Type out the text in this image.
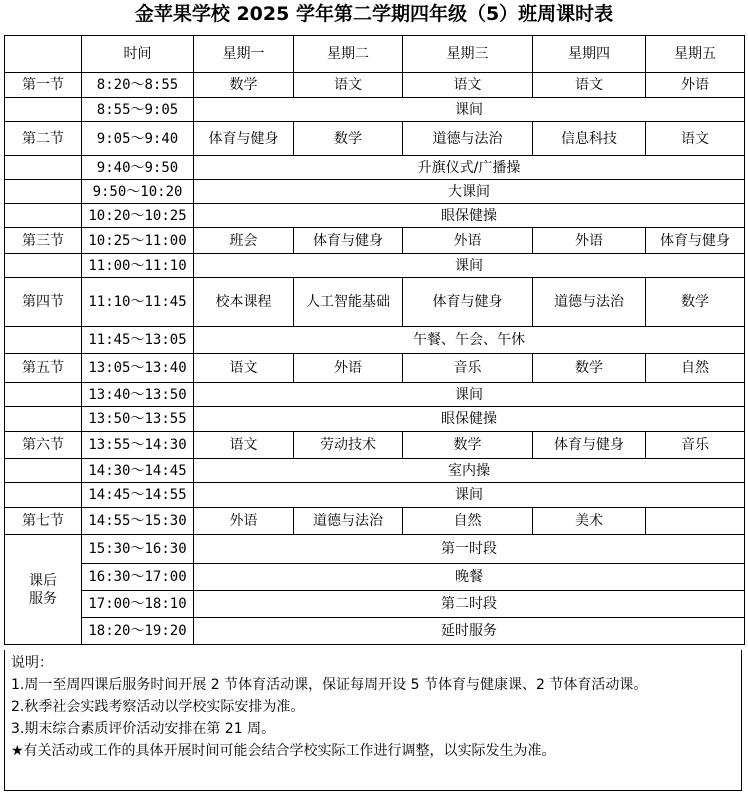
金苹果学校 2025 学年第二学期四年级（5）班周课时表
	时间	星期一	星期二	星期三	星期四	星期五
第一节	8:20～8:55	数学	语文	语文	语文	外语
	8:55～9:05	课间				
第二节	9:05～9:40	体育与健身	数学	道德与法治	信息科技	语文
	9:40～9:50	升旗仪式/广播操				
	9:50～10:20	大课间				
	10:20～10:25	眼保健操				
第三节	10:25～11:00	班会	体育与健身	外语	外语	体育与健身
	11:00～11:10	课间				
第四节	11:10～11:45	校本课程	人工智能基础	体育与健身	道德与法治	数学
	11:45～13:05	午餐、午会、午休				
第五节	13:05～13:40	语文	外语	音乐	数学	自然
	13:40～13:50	课间				
	13:50～13:55	眼保健操				
第六节	13:55～14:30	语文	劳动技术	数学	体育与健身	音乐
	14:30～14:45	室内操				
	14:45～14:55	课间				
第七节	14:55～15:30	外语	道德与法治	自然	美术	
课后服务	15:30～16:30	第一时段				
	16:30～17:00	晚餐				
	17:00～18:10	第二时段				
	18:20～19:20	延时服务				
说明：
1.周一至周四课后服务时间开展 2 节体育活动课，保证每周开设 5 节体育与健康课、2 节体育活动课。
2.秋季社会实践考察活动以学校实际安排为准。
3.期末综合素质评价活动安排在第 21 周。
★有关活动或工作的具体开展时间可能会结合学校实际工作进行调整，以实际发生为准。
